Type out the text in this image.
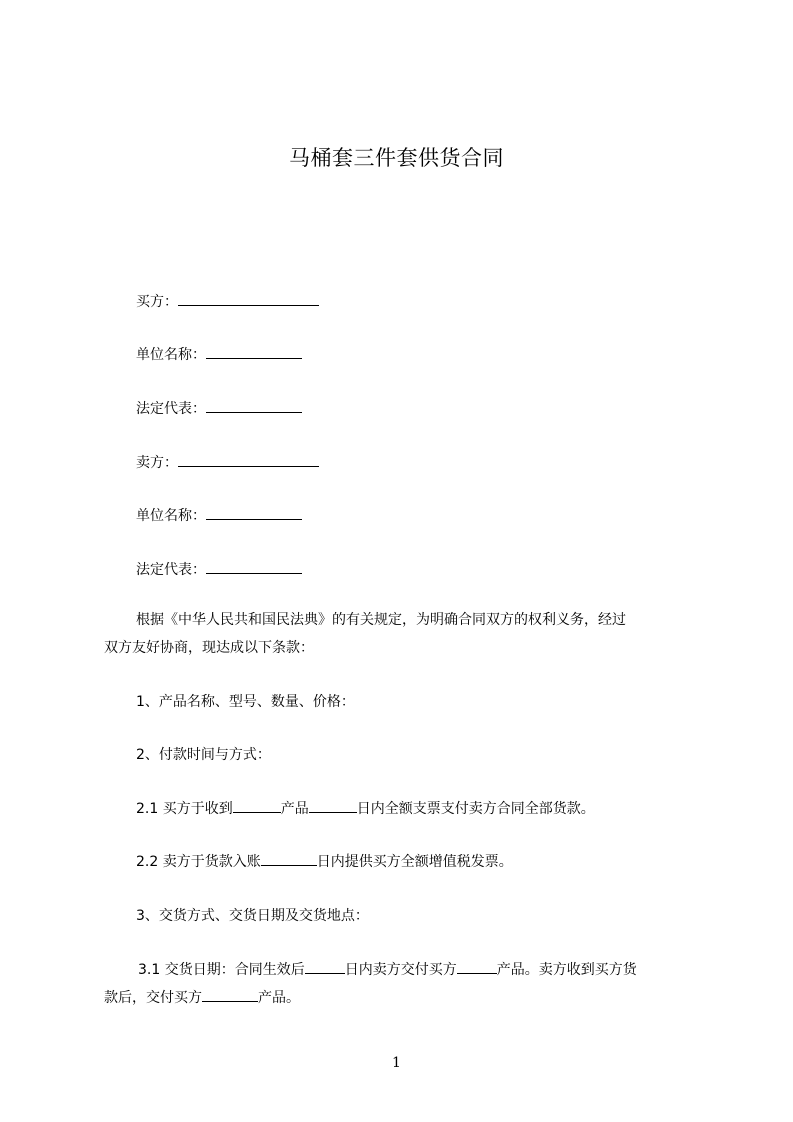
马桶套三件套供货合同
买方：
单位名称：
法定代表：
卖方：
单位名称：
法定代表：
根据《中华人民共和国民法典》的有关规定，为明确合同双方的权利义务，经过
双方友好协商，现达成以下条款：
1、产品名称、型号、数量、价格：
2、付款时间与方式：
2.1 买方于收到	产品	日内全额支票支付卖方合同全部货款。
2.2 卖方于货款入账	日内提供买方全额增值税发票。
3、交货方式、交货日期及交货地点：
3.1 交货日期：合同生效后	日内卖方交付买方	产品。卖方收到买方货
款后，交付买方	产品。
1
